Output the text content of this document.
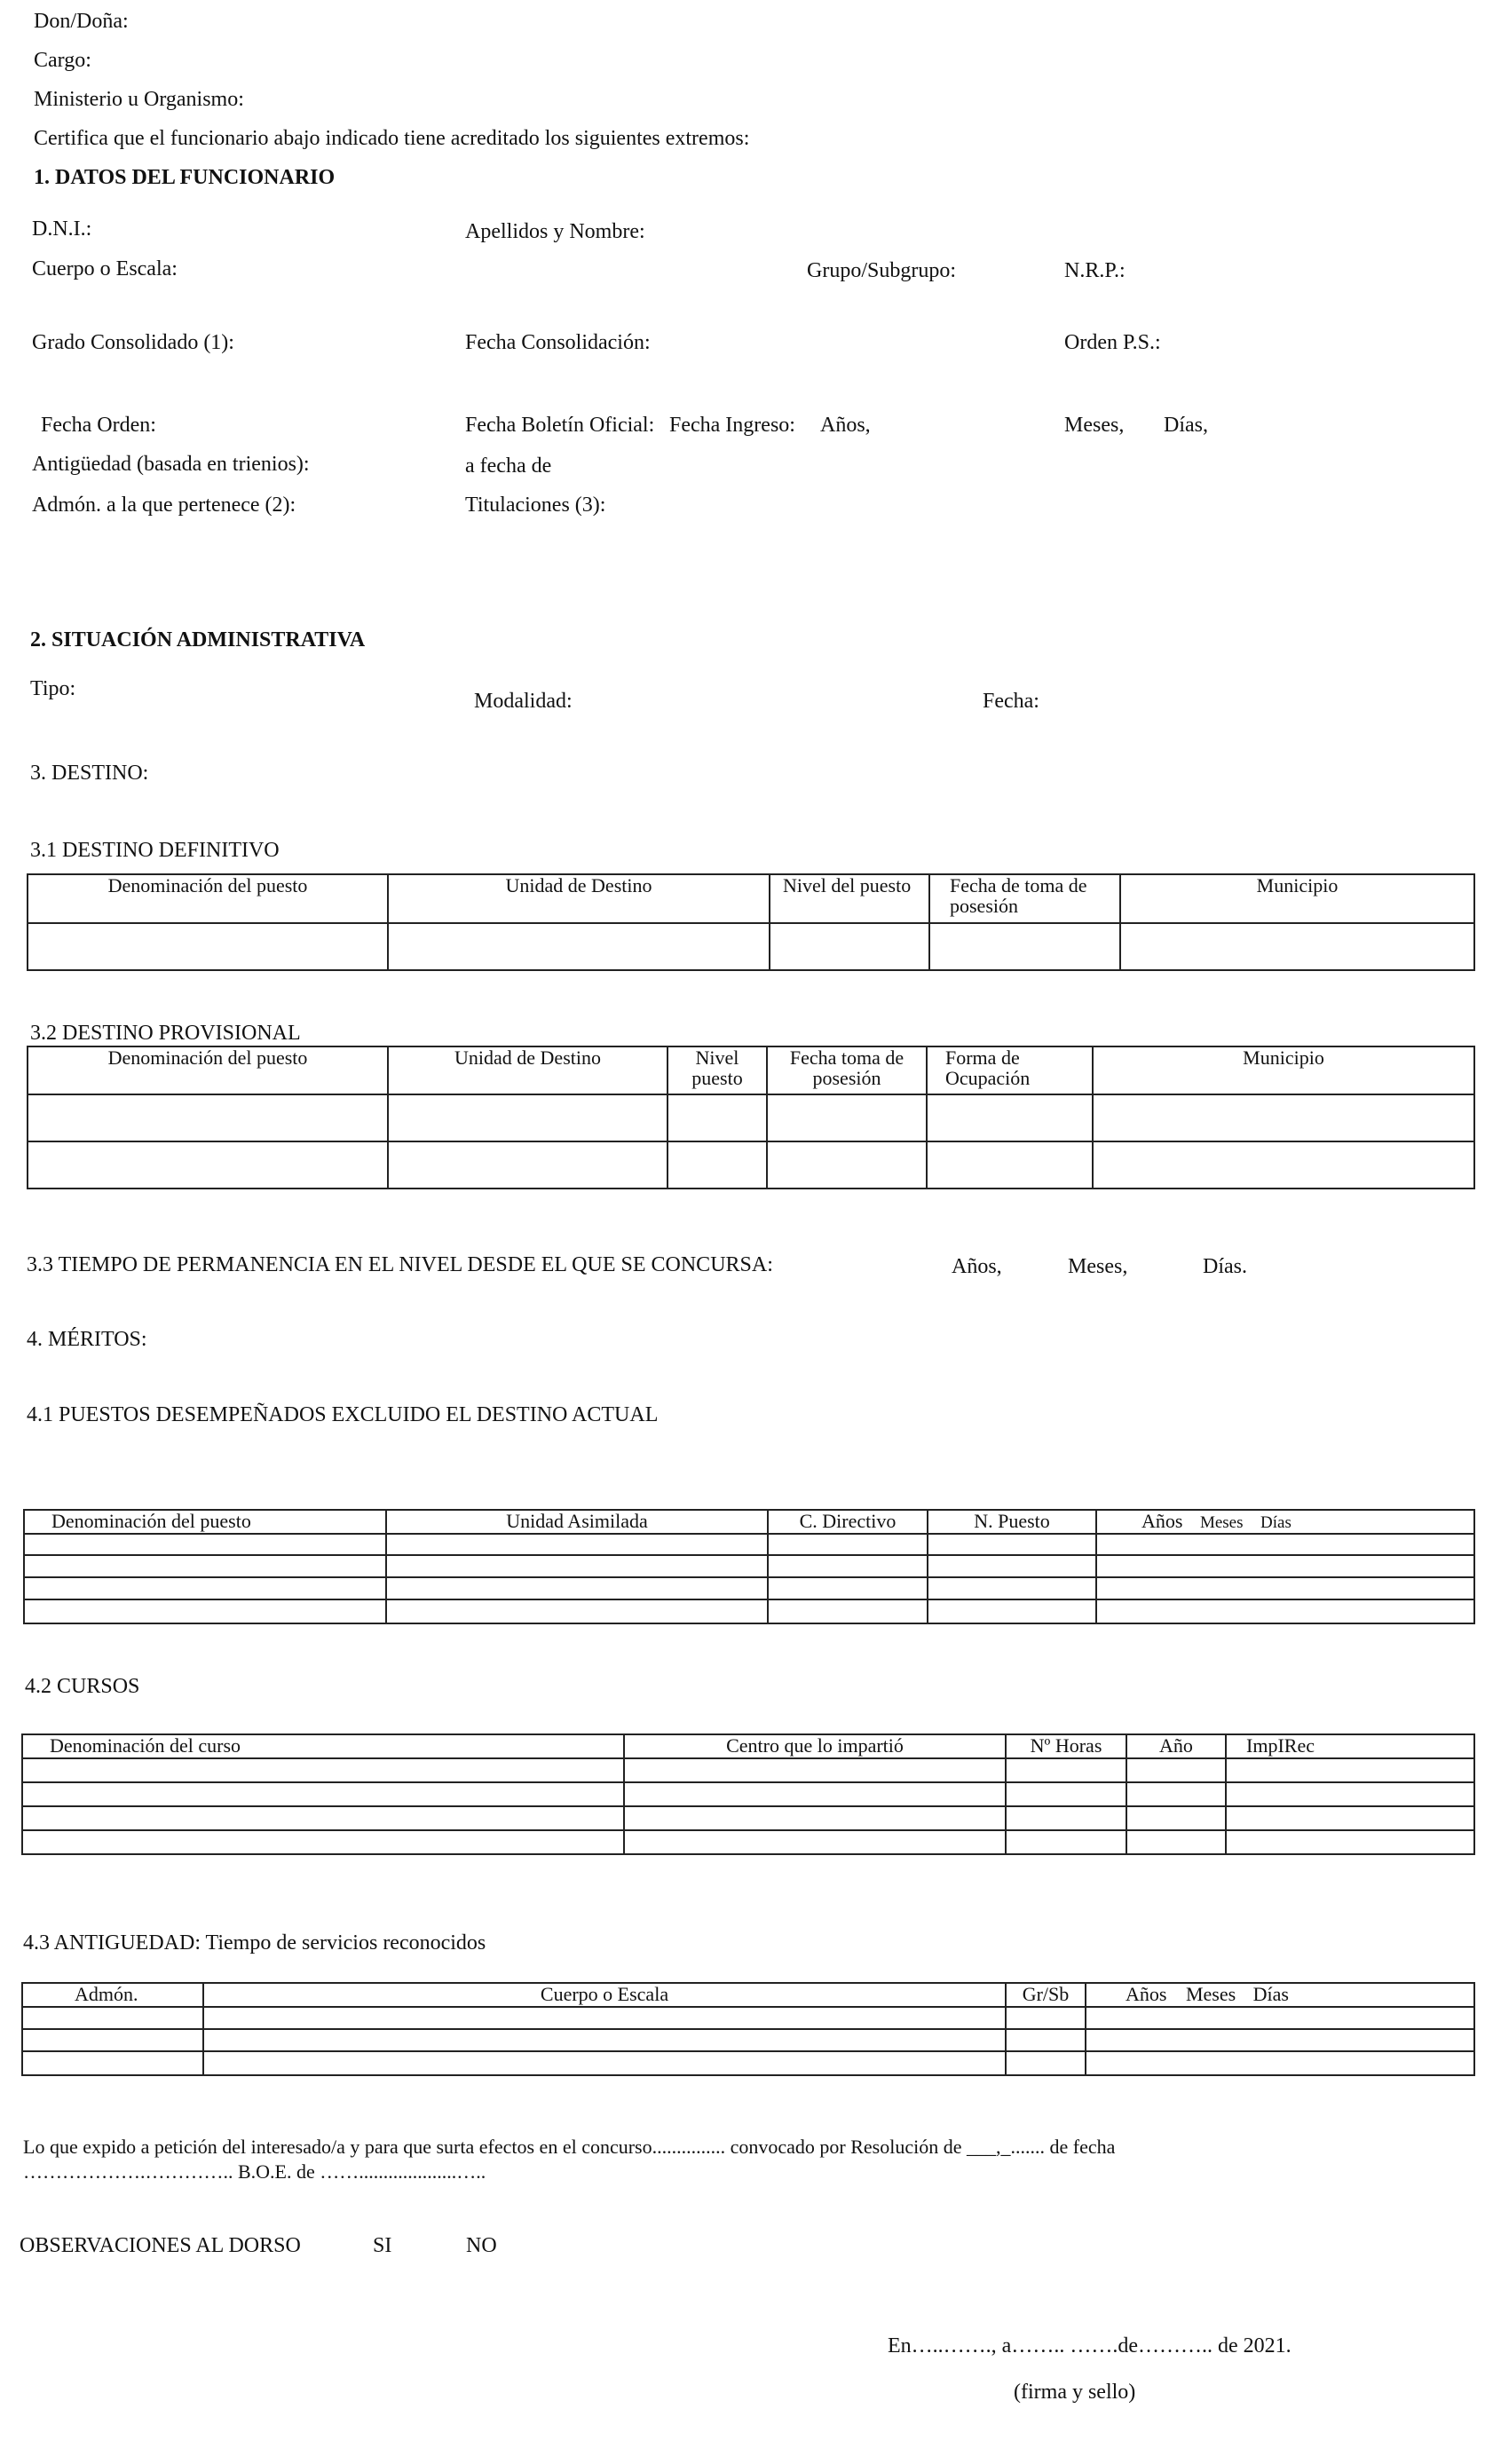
Don/Doña:
Cargo:
Ministerio u Organismo:
Certifica que el funcionario abajo indicado tiene acreditado los siguientes extremos:
1. DATOS DEL FUNCIONARIO
D.N.I.:	Apellidos y Nombre:
Cuerpo o Escala:	Grupo/Subgrupo:	N.R.P.:
Grado Consolidado (1):	Fecha Consolidación:	Orden P.S.:
Fecha Orden:	Fecha Boletín Oficial: Fecha Ingreso: Años,	Meses, Días,
Antigüedad (basada en trienios):	a fecha de
Admón. a la que pertenece (2):	Titulaciones (3):
2. SITUACIÓN ADMINISTRATIVA
Tipo:
Modalidad:	Fecha:
3. DESTINO:
3.1 DESTINO DEFINITIVO
Denominación del puesto	Unidad de Destino	Nivel del puesto	Fecha de toma de posesión	Municipio

3.2 DESTINO PROVISIONAL
Denominación del puesto	Unidad de Destino	Nivel puesto	Fecha toma de posesión	Forma de Ocupación	Municipio

3.3 TIEMPO DE PERMANENCIA EN EL NIVEL DESDE EL QUE SE CONCURSA:	Años,	Meses,	Días.
4. MÉRITOS:
4.1 PUESTOS DESEMPEÑADOS EXCLUIDO EL DESTINO ACTUAL
Denominación del puesto	Unidad Asimilada	C. Directivo	N. Puesto	Años Meses Días

4.2 CURSOS
Denominación del curso	Centro que lo impartió	Nº Horas	Año	ImpIRec

4.3 ANTIGUEDAD: Tiempo de servicios reconocidos
Admón.	Cuerpo o Escala	Gr/Sb	Años Meses Días

Lo que expido a petición del interesado/a y para que surta efectos en el concurso............... convocado por Resolución de ___,_....... de fecha
……………….………….. B.O.E. de ……....................…..
OBSERVACIONES AL DORSO	SI	NO
En…..……., a…….. …….de……….. de 2021.
(firma y sello)
